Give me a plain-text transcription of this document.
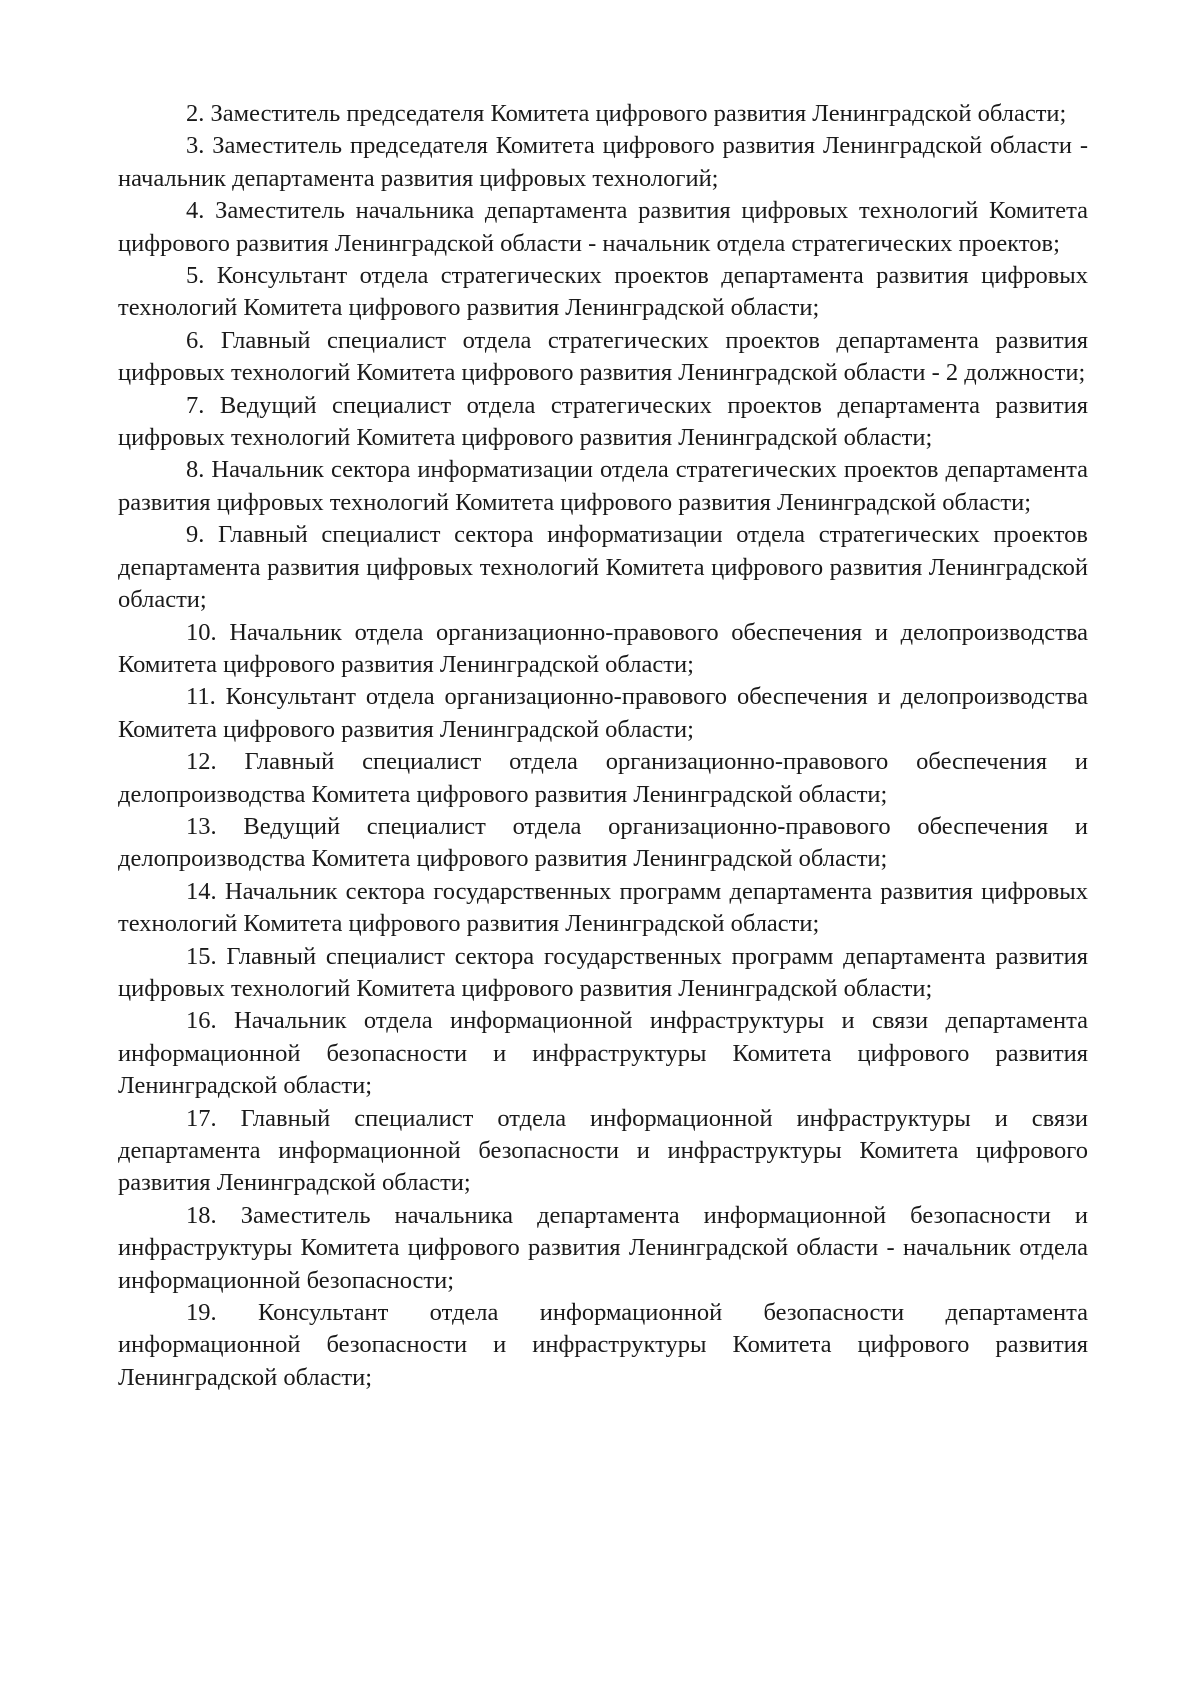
2. Заместитель председателя Комитета цифрового развития Ленинградской области;

3. Заместитель председателя Комитета цифрового развития Ленинградской области - начальник департамента развития цифровых технологий;

4. Заместитель начальника департамента развития цифровых технологий Комитета цифрового развития Ленинградской области - начальник отдела стратегических проектов;

5. Консультант отдела стратегических проектов департамента развития цифровых технологий Комитета цифрового развития Ленинградской области;

6. Главный специалист отдела стратегических проектов департамента развития цифровых технологий Комитета цифрового развития Ленинградской области - 2 должности;

7. Ведущий специалист отдела стратегических проектов департамента развития цифровых технологий Комитета цифрового развития Ленинградской области;

8. Начальник сектора информатизации отдела стратегических проектов департамента развития цифровых технологий Комитета цифрового развития Ленинградской области;

9. Главный специалист сектора информатизации отдела стратегических проектов департамента развития цифровых технологий Комитета цифрового развития Ленинградской области;

10. Начальник отдела организационно-правового обеспечения и делопроизводства Комитета цифрового развития Ленинградской области;

11. Консультант отдела организационно-правового обеспечения и делопроизводства Комитета цифрового развития Ленинградской области;

12. Главный специалист отдела организационно-правового обеспечения и делопроизводства Комитета цифрового развития Ленинградской области;

13. Ведущий специалист отдела организационно-правового обеспечения и делопроизводства Комитета цифрового развития Ленинградской области;

14. Начальник сектора государственных программ департамента развития цифровых технологий Комитета цифрового развития Ленинградской области;

15. Главный специалист сектора государственных программ департамента развития цифровых технологий Комитета цифрового развития Ленинградской области;

16. Начальник отдела информационной инфраструктуры и связи департамента информационной безопасности и инфраструктуры Комитета цифрового развития Ленинградской области;

17. Главный специалист отдела информационной инфраструктуры и связи департамента информационной безопасности и инфраструктуры Комитета цифрового развития Ленинградской области;

18. Заместитель начальника департамента информационной безопасности и инфраструктуры Комитета цифрового развития Ленинградской области - начальник отдела информационной безопасности;

19. Консультант отдела информационной безопасности департамента информационной безопасности и инфраструктуры Комитета цифрового развития Ленинградской области;
